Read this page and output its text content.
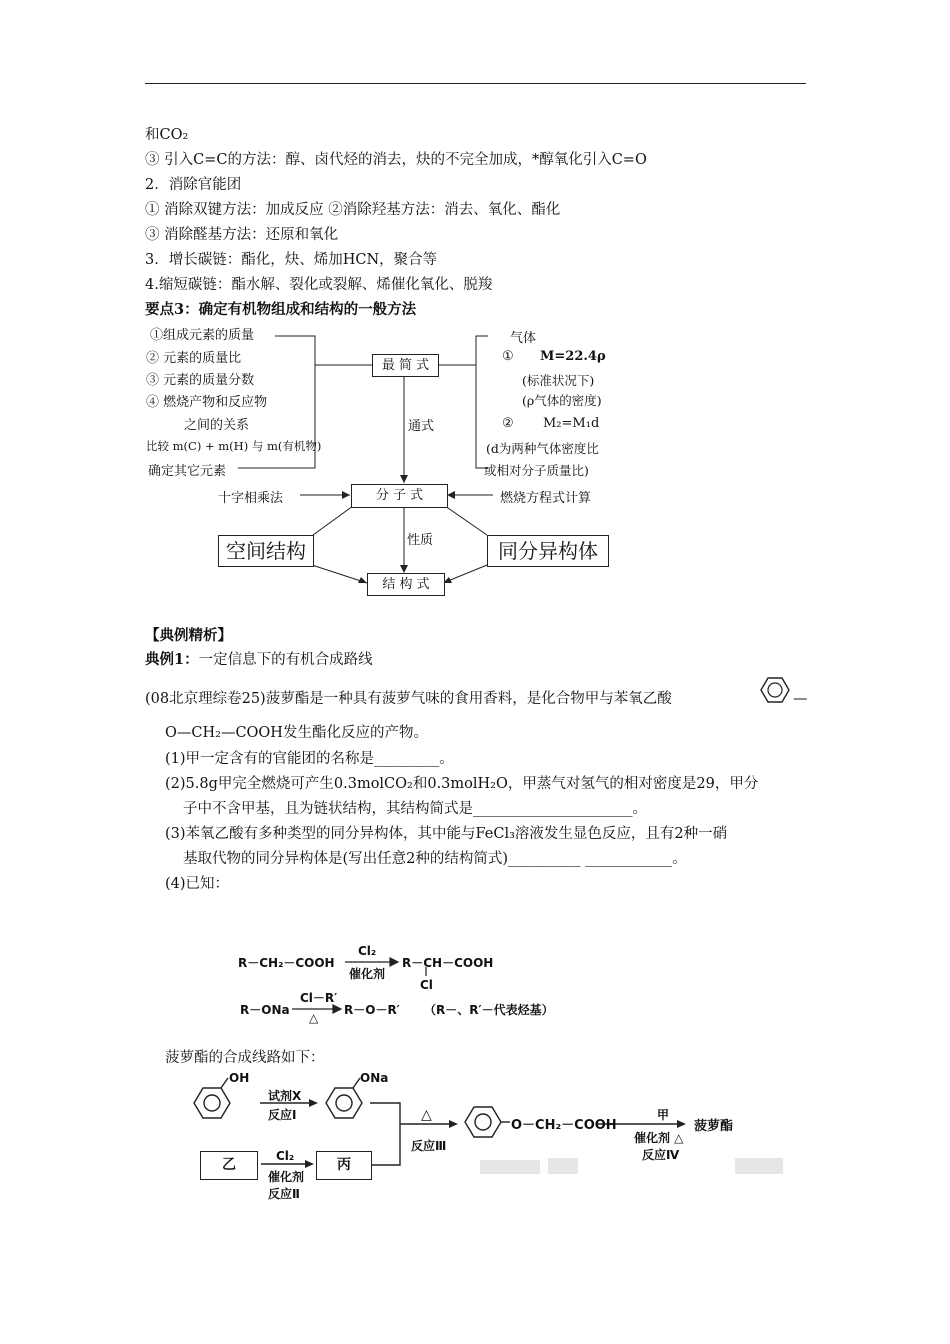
和CO₂
③ 引入C=C的方法：醇、卤代烃的消去，炔的不完全加成，*醇氧化引入C=O
2．消除官能团
① 消除双键方法：加成反应 ②消除羟基方法：消去、氧化、酯化
③ 消除醛基方法：还原和氧化
3．增长碳链：酯化，炔、烯加HCN，聚合等
4.缩短碳链：酯水解、裂化或裂解、烯催化氧化、脱羧
要点3：确定有机物组成和结构的一般方法
①组成元素的质量
② 元素的质量比
③ 元素的质量分数
④ 燃烧产物和反应物
之间的关系
比较 m(C) + m(H) 与 m(有机物)
确定其它元素
最 简 式
通式
气体
① M=22.4ρ
(标准状况下)
(ρ气体的密度)
② M₂=M₁d
(d为两种气体密度比
或相对分子质量比)
十字相乘法	分 子 式	燃烧方程式计算
空间结构	性质	同分异构体
结 构 式
【典例精析】
典例1：一定信息下的有机合成路线
(08北京理综卷25)菠萝酯是一种具有菠萝气味的食用香料，是化合物甲与苯氧乙酸	—
O—CH₂—COOH发生酯化反应的产物。
(1)甲一定含有的官能团的名称是_________。
(2)5.8g甲完全燃烧可产生0.3molCO₂和0.3molH₂O，甲蒸气对氢气的相对密度是29，甲分
子中不含甲基，且为链状结构，其结构简式是______________________。
(3)苯氧乙酸有多种类型的同分异构体，其中能与FeCl₃溶液发生显色反应，且有2种一硝
基取代物的同分异构体是(写出任意2种的结构简式)__________ ____________。
(4)已知：
R－CH₂－COOH
Cl₂
催化剂
R－CH－COOH
Cl
R－ONa
Cl－R′
△
R－O－R′ （R－、R′－代表烃基）
菠萝酯的合成线路如下：
OH
试剂X
反应Ⅰ
ONa
乙
Cl₂
催化剂
反应Ⅱ
丙
△
反应Ⅲ
O－CH₂－COOH
甲
催化剂 △
反应Ⅳ
菠萝酯
